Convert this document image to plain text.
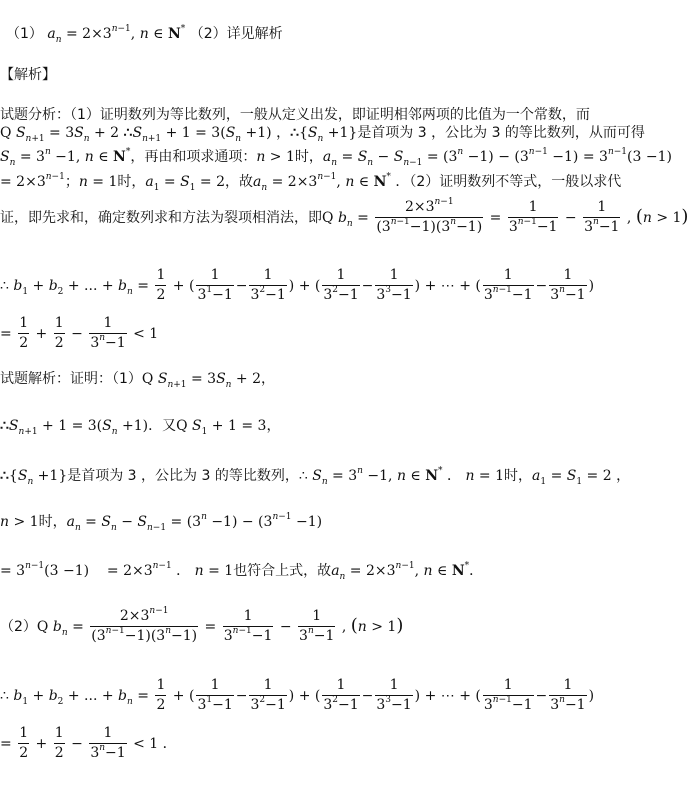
（1） $a_n = 2\times 3^{n-1}$, n ∈ N* （2）详见解析
【解析】
试题分析：（1）证明数列为等比数列，一般从定义出发，即证明相邻两项的比值为一个常数，而
Q $S_{n+1} = 3S_n + 2$ $\therefore S_{n+1} + 1 = 3(S_n +1)$ ，$\therefore\{S_n +1\}$是首项为 3 ，公比为 3 的等比数列，从而可得
$S_n = 3^n -1$, n ∈ N*，再由和项求通项：n > 1时，$a_n = S_n - S_{n-1} = (3^n -1) - (3^{n-1} -1) = 3^{n-1}(3 -1)$
= $2\times 3^{n-1}$；n = 1时，$a_1 = S_1 = 2$，故$a_n = 2\times 3^{n-1}$, n ∈ N* ．（2）证明数列不等式，一般以求代
证，即先求和，确定数列求和方法为裂项相消法，即Q $b_n = \frac{2\times 3^{n-1}}{(3^{n-1}-1)(3^n-1)} = \frac{1}{3^{n-1}-1} - \frac{1}{3^n-1}$ , (n > 1)
∴ $b_1 + b_2$ + ... + $b_n = \frac{1}{2}$ + ( $\frac{1}{3^1-1} - \frac{1}{3^2-1}$ ) + ( $\frac{1}{3^2-1} - \frac{1}{3^3-1}$ ) + ⋯ + ( $\frac{1}{3^{n-1}-1} - \frac{1}{3^n-1}$ )
= $\frac{1}{2} + \frac{1}{2} - \frac{1}{3^n-1} < 1$
试题解析：证明：（1）Q $S_{n+1} = 3S_n + 2$，
$\therefore S_{n+1} + 1 = 3(S_n +1)$．又Q $S_1 + 1 = 3$，
$\therefore\{S_n +1\}$是首项为 3 ，公比为 3 的等比数列，∴ $S_n = 3^n -1$, n ∈ N* ． n = 1时，$a_1 = S_1 = 2$ ，
n > 1时，$a_n = S_n - S_{n-1} = (3^n -1) - (3^{n-1} -1)$
= $3^{n-1}(3 -1)$    = $2\times 3^{n-1}$ ． n = 1也符合上式，故$a_n = 2\times 3^{n-1}$, n ∈ N*．
（2）Q $b_n = \frac{2\times 3^{n-1}}{(3^{n-1}-1)(3^n-1)} = \frac{1}{3^{n-1}-1} - \frac{1}{3^n-1}$ , (n > 1)
∴ $b_1 + b_2$ + ... + $b_n = \frac{1}{2}$ + ( $\frac{1}{3^1-1} - \frac{1}{3^2-1}$ ) + ( $\frac{1}{3^2-1} - \frac{1}{3^3-1}$ ) + ⋯ + ( $\frac{1}{3^{n-1}-1} - \frac{1}{3^n-1}$ )
= $\frac{1}{2} + \frac{1}{2} - \frac{1}{3^n-1} < 1$ ．
